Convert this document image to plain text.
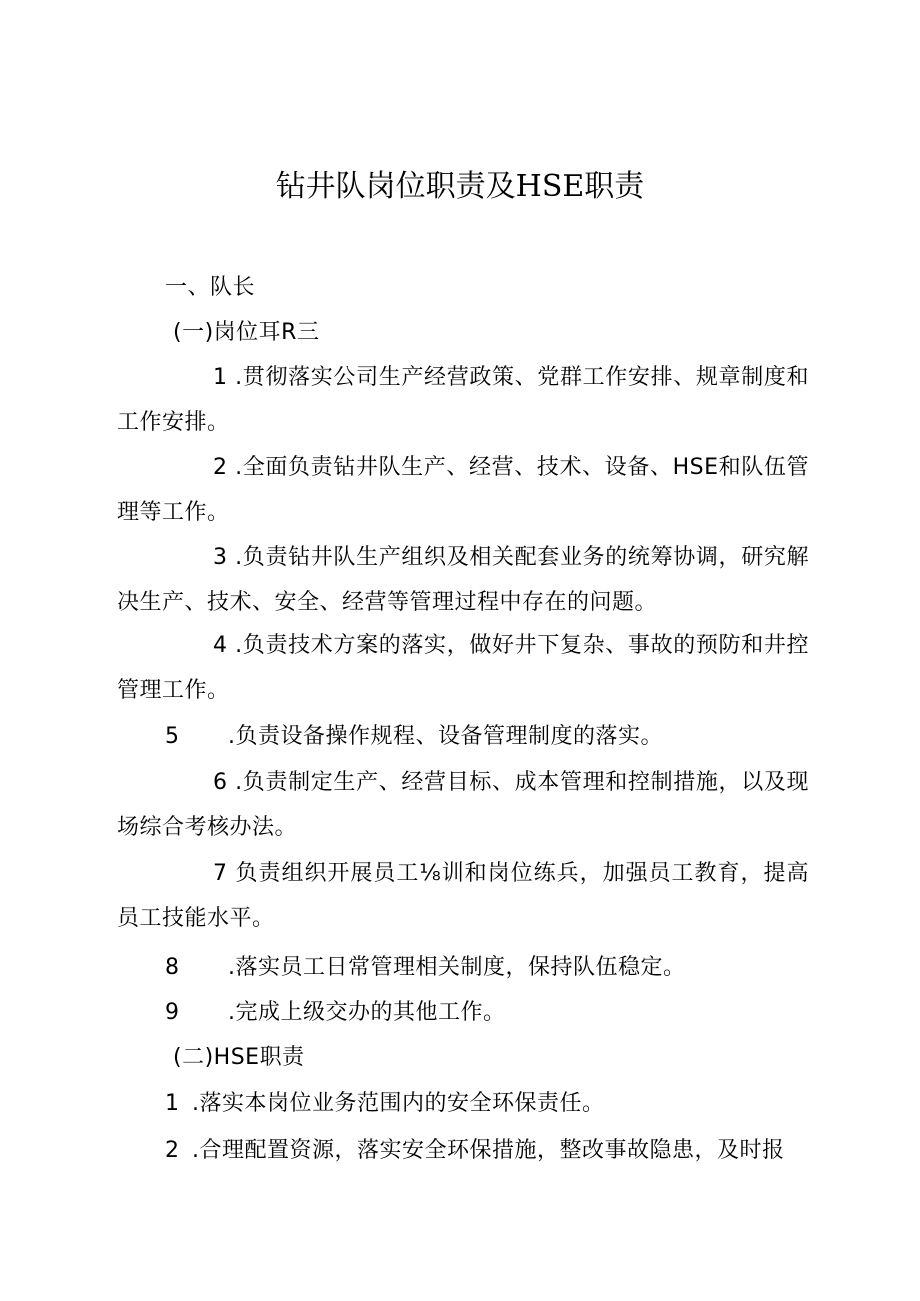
钻井队岗位职责及HSE职责
一、队长
(一)岗位耳R三
1 .贯彻落实公司生产经营政策、党群工作安排、规章制度和工作安排。
2 .全面负责钻井队生产、经营、技术、设备、HSE和队伍管理等工作。
3 .负责钻井队生产组织及相关配套业务的统筹协调，研究解决生产、技术、安全、经营等管理过程中存在的问题。
4 .负责技术方案的落实，做好井下复杂、事故的预防和井控管理工作。
5 .负责设备操作规程、设备管理制度的落实。
6 .负责制定生产、经营目标、成本管理和控制措施，以及现场综合考核办法。
7 负责组织开展员工⅛训和岗位练兵，加强员工教育，提高员工技能水平。
8 .落实员工日常管理相关制度，保持队伍稳定。
9 .完成上级交办的其他工作。
(二)HSE职责
1 .落实本岗位业务范围内的安全环保责任。
2 .合理配置资源，落实安全环保措施，整改事故隐患，及时报
